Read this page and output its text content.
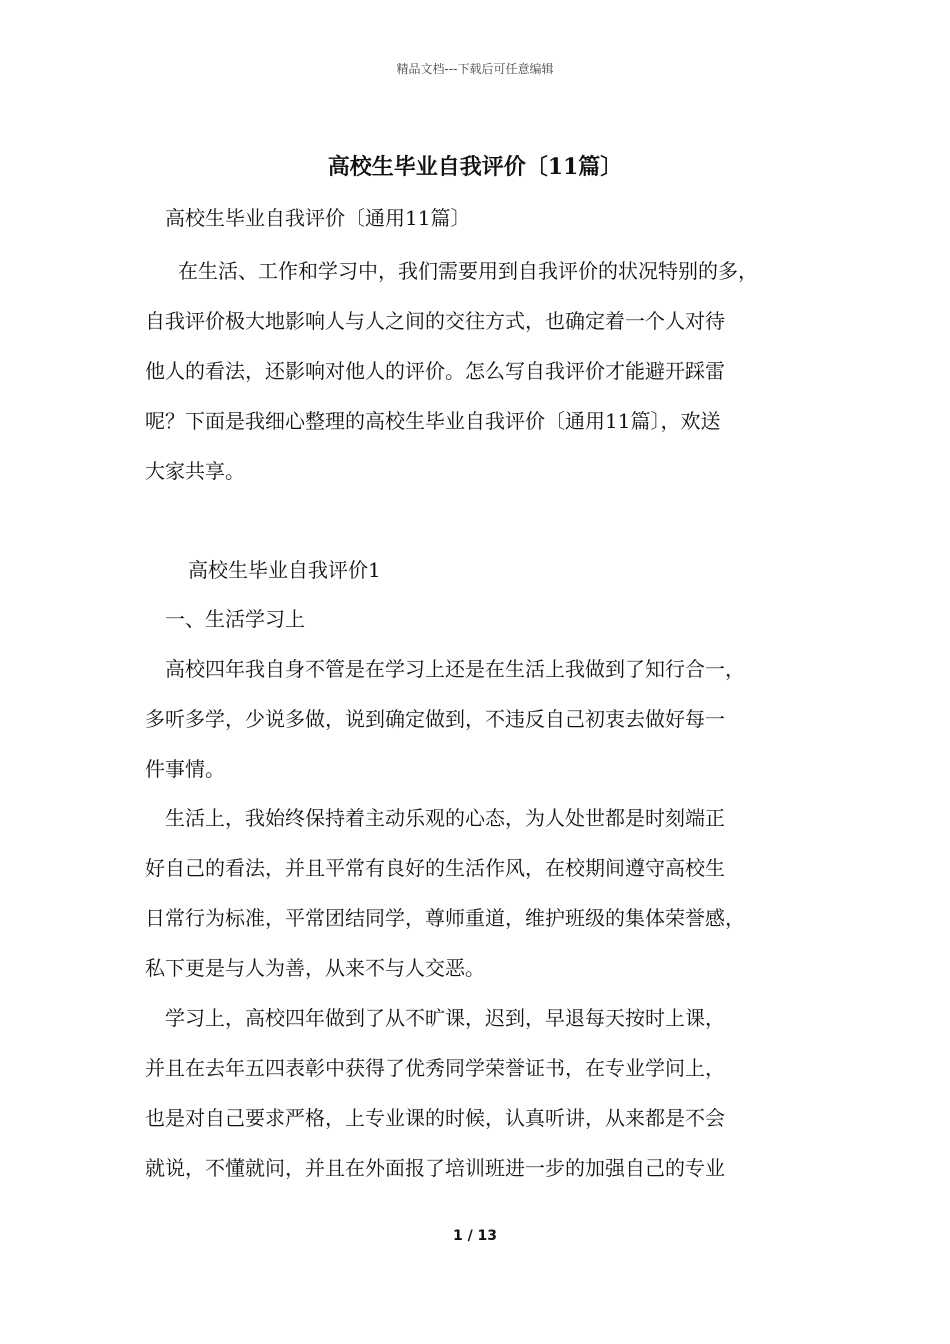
精品文档---下载后可任意编辑
高校生毕业自我评价〔11篇〕
高校生毕业自我评价〔通用11篇〕
在生活、工作和学习中，我们需要用到自我评价的状况特别的多，
自我评价极大地影响人与人之间的交往方式，也确定着一个人对待
他人的看法，还影响对他人的评价。怎么写自我评价才能避开踩雷
呢？下面是我细心整理的高校生毕业自我评价〔通用11篇〕，欢送
大家共享。
高校生毕业自我评价1
一、生活学习上
高校四年我自身不管是在学习上还是在生活上我做到了知行合一，
多听多学，少说多做，说到确定做到，不违反自己初衷去做好每一
件事情。
生活上，我始终保持着主动乐观的心态，为人处世都是时刻端正
好自己的看法，并且平常有良好的生活作风，在校期间遵守高校生
日常行为标准，平常团结同学，尊师重道，维护班级的集体荣誉感，
私下更是与人为善，从来不与人交恶。
学习上，高校四年做到了从不旷课，迟到，早退每天按时上课，
并且在去年五四表彰中获得了优秀同学荣誉证书，在专业学问上，
也是对自己要求严格，上专业课的时候，认真听讲，从来都是不会
就说，不懂就问，并且在外面报了培训班进一步的加强自己的专业
1 / 13
